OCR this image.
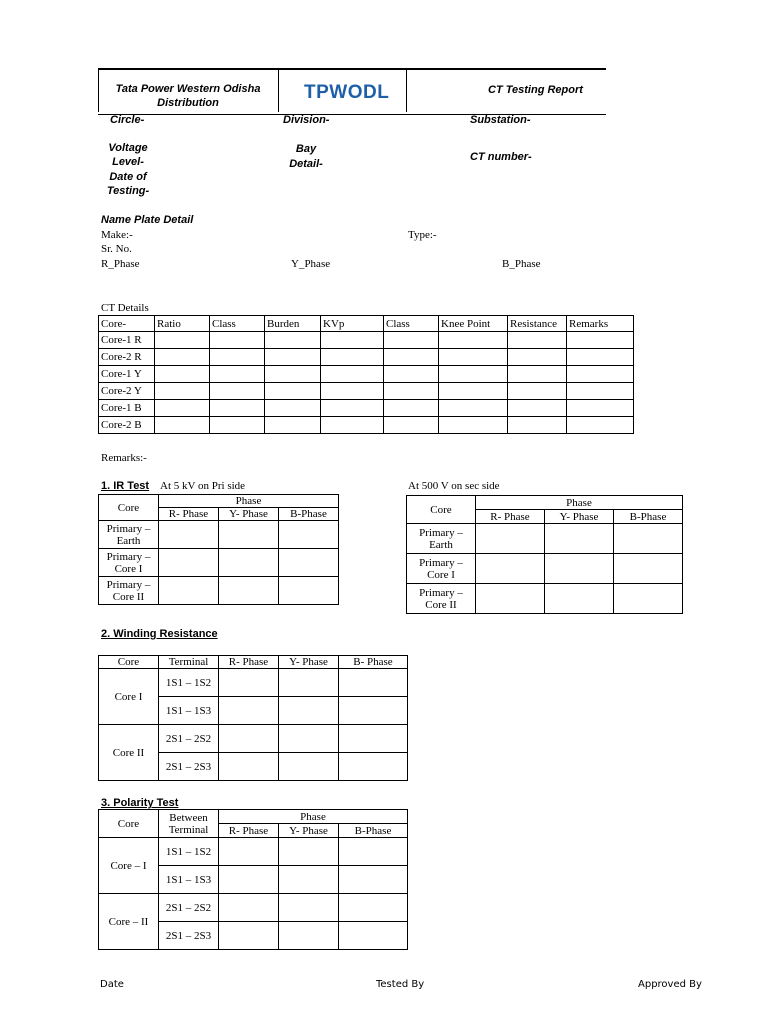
Tata Power Western Odisha Distribution	TPWODL	CT Testing Report
Circle-	Division-	Substation-
Voltage Level-
Bay Detail-
CT number-
Date of Testing-
Name Plate Detail
Make:-	Type:-
Sr. No.
R_Phase	Y_Phase	B_Phase
CT Details
Core-	Ratio	Class	Burden	KVp	Class	Knee Point	Resistance	Remarks
Core-1 R								
Core-2 R								
Core-1 Y								
Core-2 Y								
Core-1 B								
Core-2 B								
Remarks:-
1. IR Test At 5 kV on Pri side	At 500 V on sec side
Core	Phase		
	R- Phase	Y- Phase	B-Phase
Primary – Earth			
Primary – Core I			
Primary – Core II			
Core	Phase		
	R- Phase	Y- Phase	B-Phase
Primary – Earth			
Primary – Core I			
Primary – Core II			
2. Winding Resistance
Core	Terminal	R- Phase	Y- Phase	B- Phase
Core I	1S1 – 1S2			
	1S1 – 1S3			
Core II	2S1 – 2S2			
	2S1 – 2S3			
3. Polarity Test
Core	Between Terminal	Phase		
		R- Phase	Y- Phase	B-Phase
Core – I	1S1 – 1S2			
	1S1 – 1S3			
Core – II	2S1 – 2S2			
	2S1 – 2S3			
Date	Tested By	Approved By
